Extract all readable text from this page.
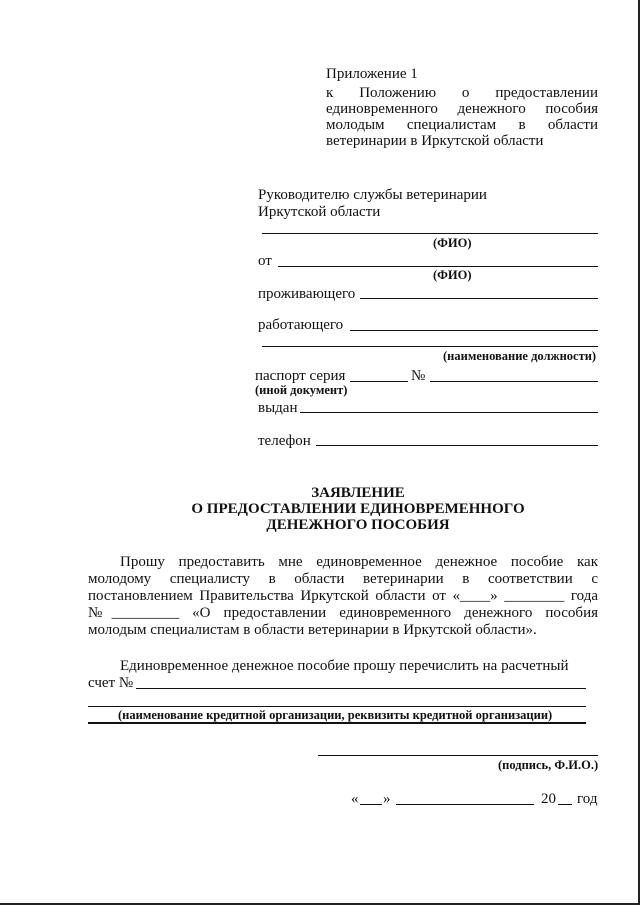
Приложение 1
к Положению о предоставлении
единовременного денежного пособия
молодым специалистам в области
ветеринарии в Иркутской области
Руководителю службы ветеринарии
Иркутской области
(ФИО)
от
(ФИО)
проживающего
работающего
(наименование должности)
паспорт серия	№
(иной документ)
выдан
телефон
ЗАЯВЛЕНИЕ
О ПРЕДОСТАВЛЕНИИ ЕДИНОВРЕМЕННОГО
ДЕНЕЖНОГО ПОСОБИЯ
Прошу предоставить мне единовременное денежное пособие как
молодому специалисту в области ветеринарии в соответствии с
постановлением Правительства Иркутской области от «____» ________ года
№_________ «О предоставлении единовременного денежного пособия
молодым специалистам в области ветеринарии в Иркутской области».
Единовременное денежное пособие прошу перечислить на расчетный
счет №
(наименование кредитной организации, реквизиты кредитной организации)
(подпись, Ф.И.О.)
« »	20 год
